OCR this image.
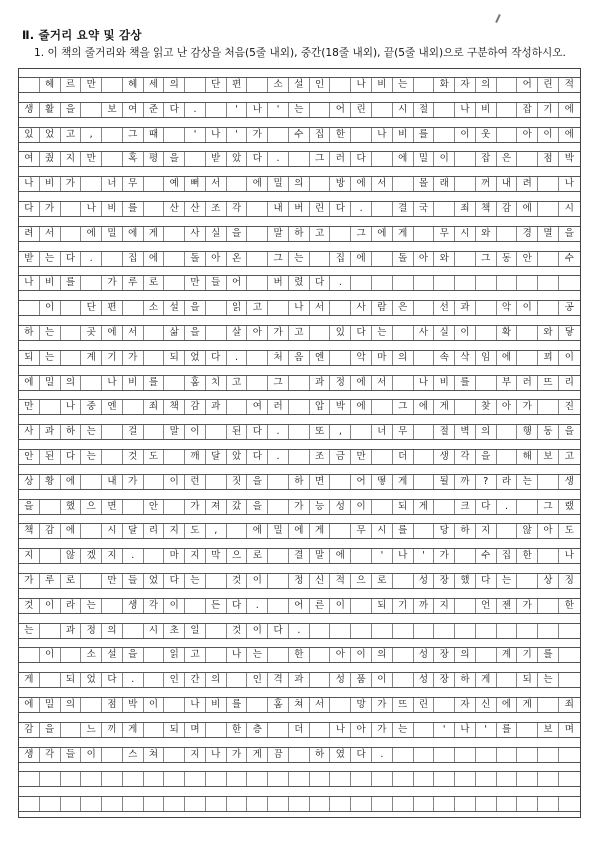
Ⅱ. 줄거리 요약 및 감상
1. 이 책의 줄거리와 책을 읽고 난 감상을 처음(5줄 내외), 중간(18줄 내외), 끝(5줄 내외)으로 구분하여 작성하시오.
헤	르	만	헤	세	의	단	편	소	설	인	나	비	는	화	자	의	어	린	적
생	활	을	보	여	준	다	.	'	나	'	는	어	린	시	절	나	비	잡	기	에
있	었	고	,	그	때	'	나	'	가	수	집	한	나	비	를	이	웃	아	이	에
여	줬	지	만	혹	평	을	받	았	다	.	그	러	다	에	밀	이	잡	은	점	박
나	비	가	너	무	예	뻐	서	에	밀	의	방	에	서	몰	래	꺼	내	려	나
다	가	나	비	를	산	산	조	각	내	버	린	다	.	결	국	죄	책	감	에	시
려	서	에	밀	에	게	사	실	을	말	하	고	그	에	게	무	시	와	경	멸	을
받	는	다	.	집	에	돌	아	온	그	는	집	에	돌	아	와	그	동	안	수
나	비	를	가	루	로	만	들	어	버	렸	다	.
이	단	편	소	설	을	읽	고	나	서	사	람	은	선	과	악	이	공
하	는	곳	에	서	삶	을	살	아	가	고	있	다	는	사	실	이	확	와	닿
되	는	계	기	가	되	었	다	.	처	음	엔	악	마	의	속	삭	임	에	꾀	이
에	밀	의	나	비	를	훔	치	고	그	과	정	에	서	나	비	를	부	러	뜨	리
만	나	중	엔	죄	책	감	과	여	러	압	박	에	그	에	게	찾	아	가	진
사	과	하	는	걸	말	이	된	다	.	또	,	너	무	절	벽	의	행	동	을
안	된	다	는	것	도	깨	달	았	다	.	조	금	만	더	생	각	을	해	보	고
상	황	에	내	가	이	런	짓	을	하	면	어	떻	게	될	까	?	라	는	생
을	했	으	면	안	가	져	갔	을	가	능	성	이	되	게	크	다	.	그	랬
책	감	에	시	달	리	지	도	,	에	밀	에	게	무	시	를	당	하	지	않	아	도
지	않	겠	지	.	마	지	막	으	로	결	말	에	'	나	'	가	수	집	한	나
가	루	로	만	들	었	다	는	것	이	정	신	적	으	로	성	장	했	다	는	상	징
것	이	라	는	생	각	이	든	다	.	어	른	이	되	기	까	지	언	젠	가	한
는	과	정	의	시	초	일	것	이	다	.
이	소	설	을	읽	고	나	는	한	아	이	의	성	장	의	계	기	를
게	되	었	다	.	인	간	의	인	격	과	성	품	이	성	장	하	게	되	는
에	밀	의	점	박	이	나	비	를	훔	쳐	서	망	가	뜨	린	자	신	에	게	죄
감	을	느	끼	게	되	며	한	층	더	나	아	가	는	'	나	'	를	보	며
생	각	들	이	스	쳐	지	나	가	게	끔	하	였	다	.
